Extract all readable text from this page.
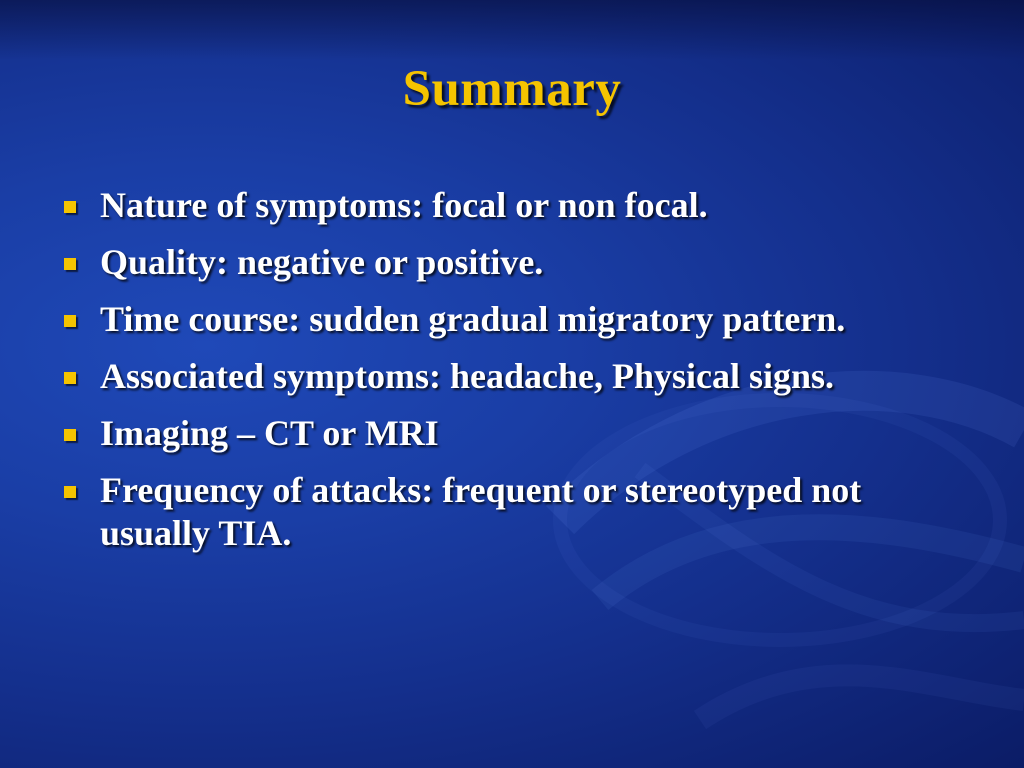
Summary
Nature of symptoms: focal or non focal.
Quality: negative or positive.
Time course: sudden gradual migratory pattern.
Associated symptoms: headache, Physical signs.
Imaging – CT or MRI
Frequency of attacks: frequent or stereotyped not usually TIA.
